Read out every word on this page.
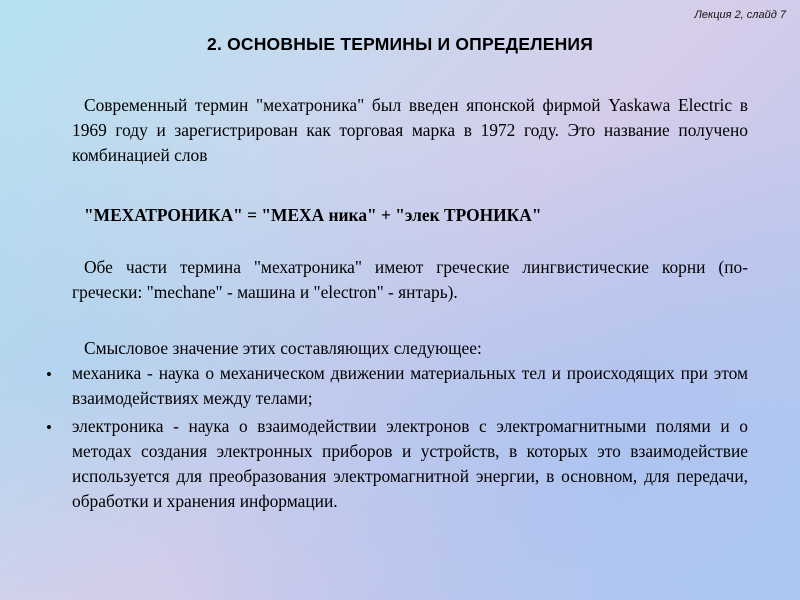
Лекция 2, слайд 7
2. ОСНОВНЫЕ ТЕРМИНЫ И ОПРЕДЕЛЕНИЯ
Современный термин "мехатроника" был введен японской фирмой Yaskawa Electric в 1969 году и зарегистрирован как торговая марка в 1972 году. Это название получено комбинацией слов
"МЕХАТРОНИКА" = "МЕХА ника" + "элек ТРОНИКА"
Обе части термина "мехатроника" имеют греческие лингвистические корни (по-гречески: "mechane" - машина и "electron" - янтарь).
Смысловое значение этих составляющих следующее:
• механика - наука о механическом движении материальных тел и происходящих при этом взаимодействиях между телами;
• электроника - наука о взаимодействии электронов с электромагнитными полями и о методах создания электронных приборов и устройств, в которых это взаимодействие используется для преобразования электромагнитной энергии, в основном, для передачи, обработки и хранения информации.
